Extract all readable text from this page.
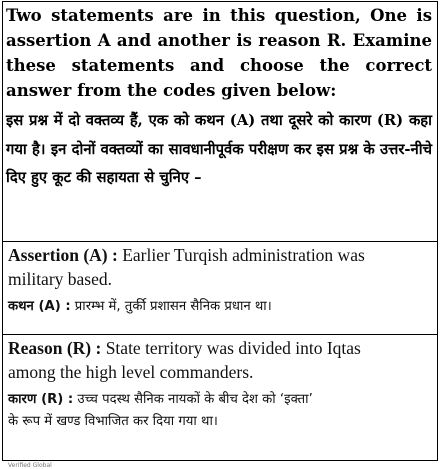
Two statements are in this question, One is assertion A and another is reason R. Examine these statements and choose the correct answer from the codes given below:
इस प्रश्न में दो वक्तव्य हैं, एक को कथन (A) तथा दूसरे को कारण (R) कहा गया है। इन दोनों वक्तव्यों का सावधानीपूर्वक परीक्षण कर इस प्रश्न के उत्तर-नीचे दिए हुए कूट की सहायता से चुनिए –
Assertion (A) : Earlier Turqish administration was
military based.
कथन (A) : प्रारम्भ में, तुर्की प्रशासन सैनिक प्रधान था।
Reason (R) : State territory was divided into Iqtas
among the high level commanders.
कारण (R) : उच्च पदस्थ सैनिक नायकों के बीच देश को ‘इक्ता’
के रूप में खण्ड विभाजित कर दिया गया था।
Verified Global
